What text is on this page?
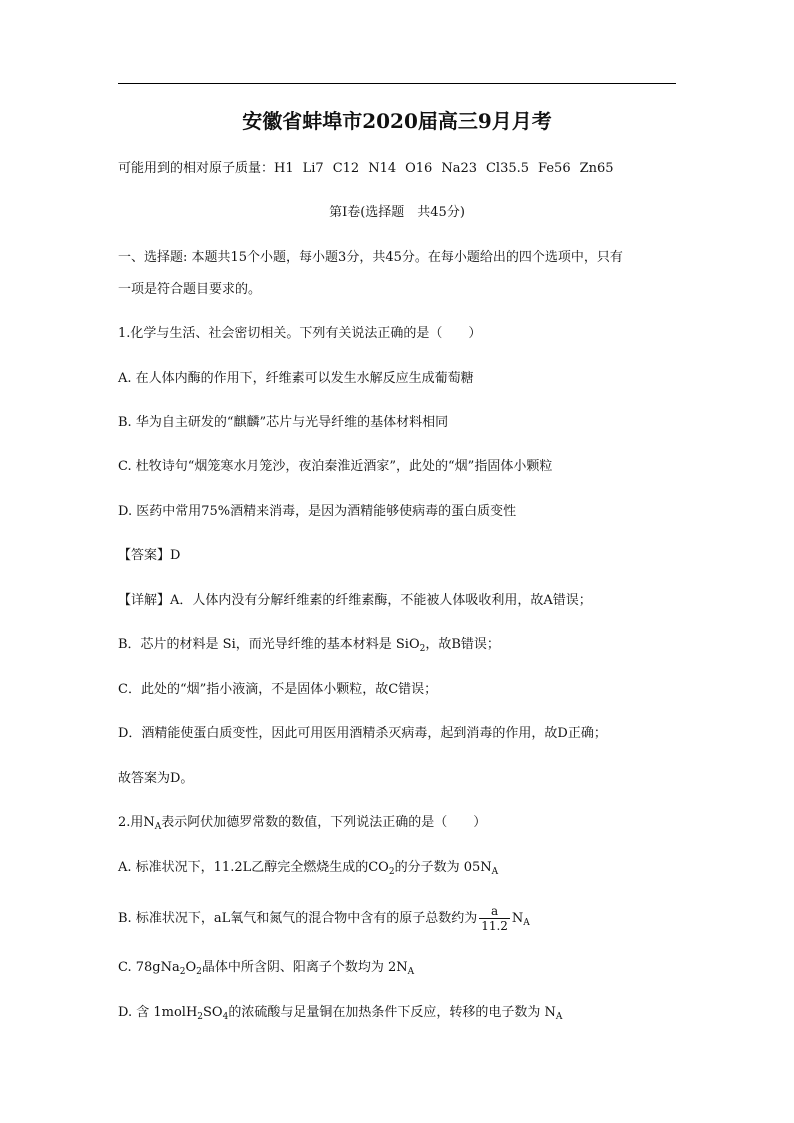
安徽省蚌埠市2020届高三9月月考
可能用到的相对原子质量：H1 Li7 C12 N14 O16 Na23 Cl35.5 Fe56 Zn65
第I卷(选择题　共45分)
一、选择题: 本题共15个小题，每小题3分，共45分。在每小题给出的四个选项中，只有
一项是符合题目要求的。
1.化学与生活、社会密切相关。下列有关说法正确的是（　　）
A. 在人体内酶的作用下，纤维素可以发生水解反应生成葡萄糖
B. 华为自主研发的“麒麟”芯片与光导纤维的基体材料相同
C. 杜牧诗句“烟笼寒水月笼沙，夜泊秦淮近酒家”，此处的“烟”指固体小颗粒
D. 医药中常用75%酒精来消毒，是因为酒精能够使病毒的蛋白质变性
【答案】D
【详解】A．人体内没有分解纤维素的纤维素酶，不能被人体吸收利用，故A错误；
B．芯片的材料是 Si，而光导纤维的基本材料是 SiO$_2$，故B错误；
C．此处的“烟”指小液滴，不是固体小颗粒，故C错误；
D．酒精能使蛋白质变性，因此可用医用酒精杀灭病毒，起到消毒的作用，故D正确；
故答案为D。
2.用$N_A$表示阿伏加德罗常数的数值，下列说法正确的是（　　）
A. 标准状况下，11.2L乙醇完全燃烧生成的$CO_2$的分子数为 $05N_A$
B. 标准状况下，aL氧气和氮气的混合物中含有的原子总数约为 $\frac{a}{11.2} N_A$
C. $78gNa_2O_2$晶体中所含阴、阳离子个数均为 $2N_A$
D. 含 $1molH_2SO_4$的浓硫酸与足量铜在加热条件下反应，转移的电子数为 $N_A$
